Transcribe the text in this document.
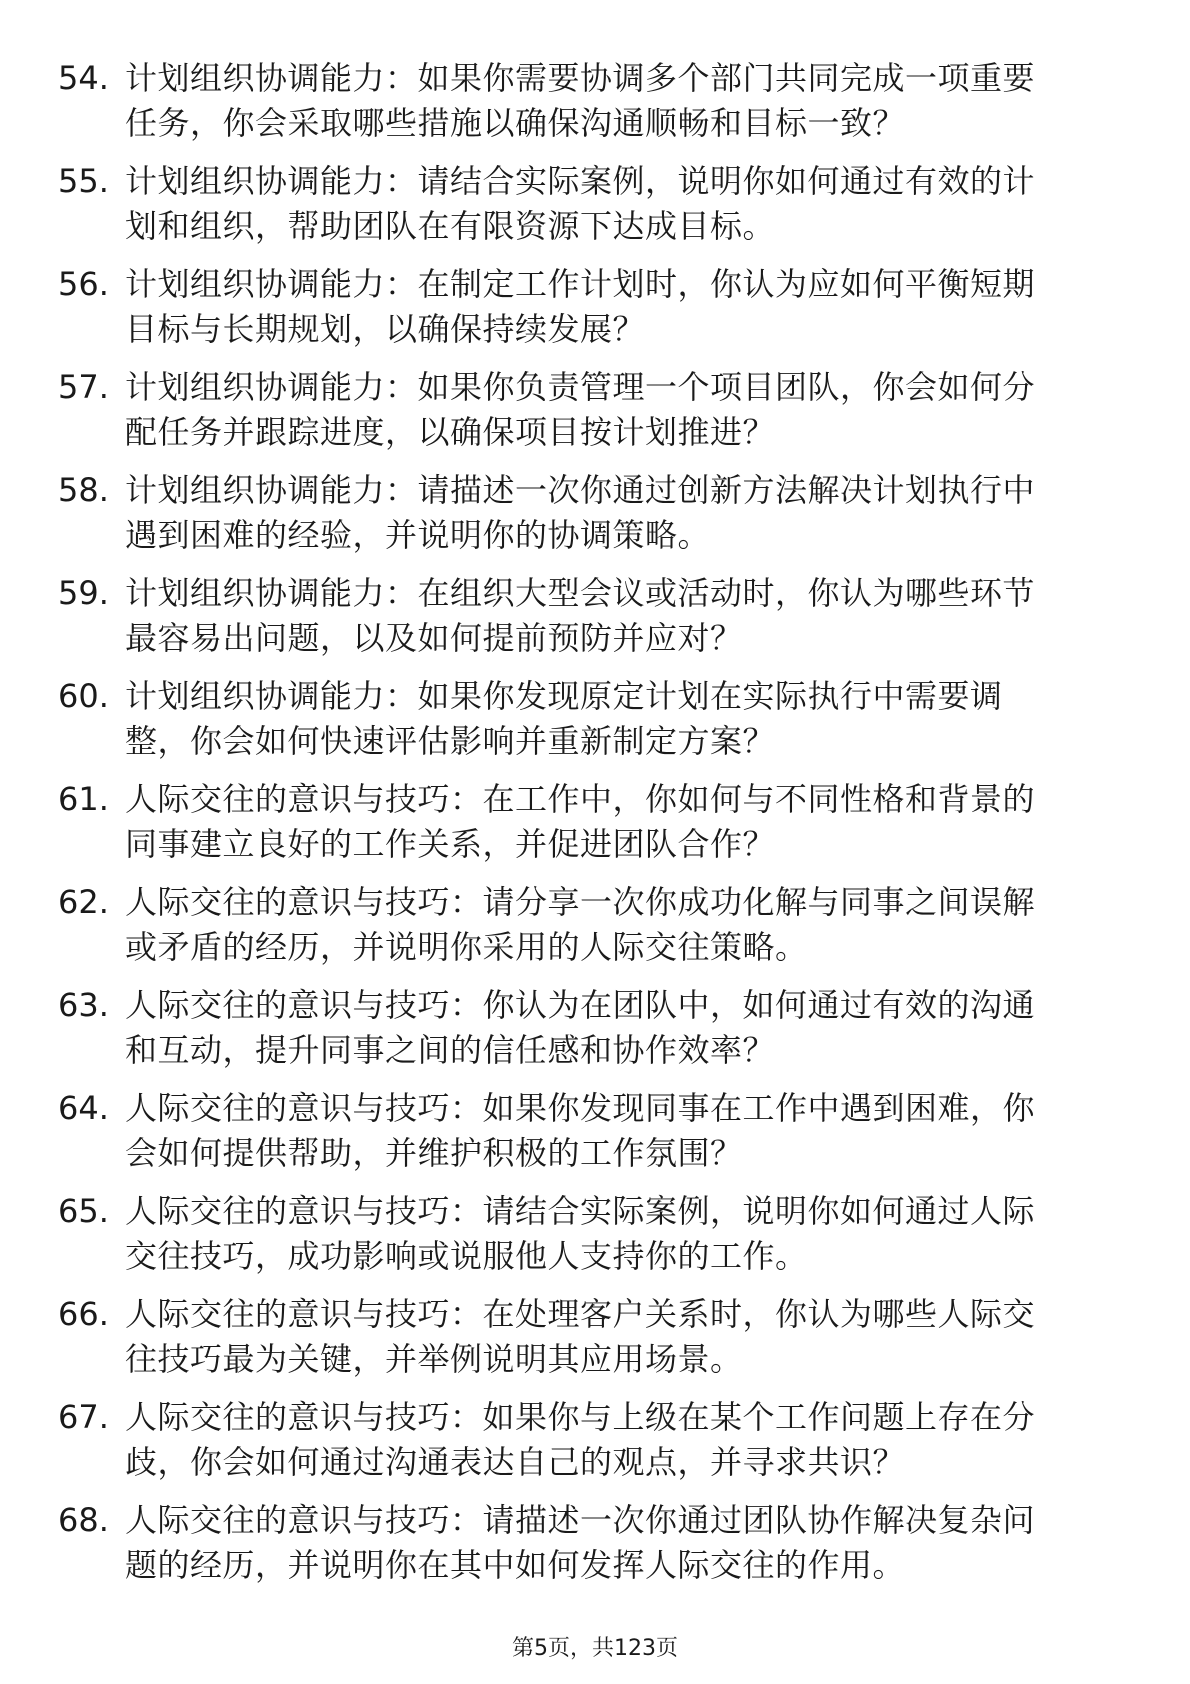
54. 计划组织协调能力：如果你需要协调多个部门共同完成一项重要
任务，你会采取哪些措施以确保沟通顺畅和目标一致？
55. 计划组织协调能力：请结合实际案例，说明你如何通过有效的计
划和组织，帮助团队在有限资源下达成目标。
56. 计划组织协调能力：在制定工作计划时，你认为应如何平衡短期
目标与长期规划，以确保持续发展？
57. 计划组织协调能力：如果你负责管理一个项目团队，你会如何分
配任务并跟踪进度，以确保项目按计划推进？
58. 计划组织协调能力：请描述一次你通过创新方法解决计划执行中
遇到困难的经验，并说明你的协调策略。
59. 计划组织协调能力：在组织大型会议或活动时，你认为哪些环节
最容易出问题，以及如何提前预防并应对？
60. 计划组织协调能力：如果你发现原定计划在实际执行中需要调
整，你会如何快速评估影响并重新制定方案？
61. 人际交往的意识与技巧：在工作中，你如何与不同性格和背景的
同事建立良好的工作关系，并促进团队合作？
62. 人际交往的意识与技巧：请分享一次你成功化解与同事之间误解
或矛盾的经历，并说明你采用的人际交往策略。
63. 人际交往的意识与技巧：你认为在团队中，如何通过有效的沟通
和互动，提升同事之间的信任感和协作效率？
64. 人际交往的意识与技巧：如果你发现同事在工作中遇到困难，你
会如何提供帮助，并维护积极的工作氛围？
65. 人际交往的意识与技巧：请结合实际案例，说明你如何通过人际
交往技巧，成功影响或说服他人支持你的工作。
66. 人际交往的意识与技巧：在处理客户关系时，你认为哪些人际交
往技巧最为关键，并举例说明其应用场景。
67. 人际交往的意识与技巧：如果你与上级在某个工作问题上存在分
歧，你会如何通过沟通表达自己的观点，并寻求共识？
68. 人际交往的意识与技巧：请描述一次你通过团队协作解决复杂问
题的经历，并说明你在其中如何发挥人际交往的作用。
第5页，共123页
